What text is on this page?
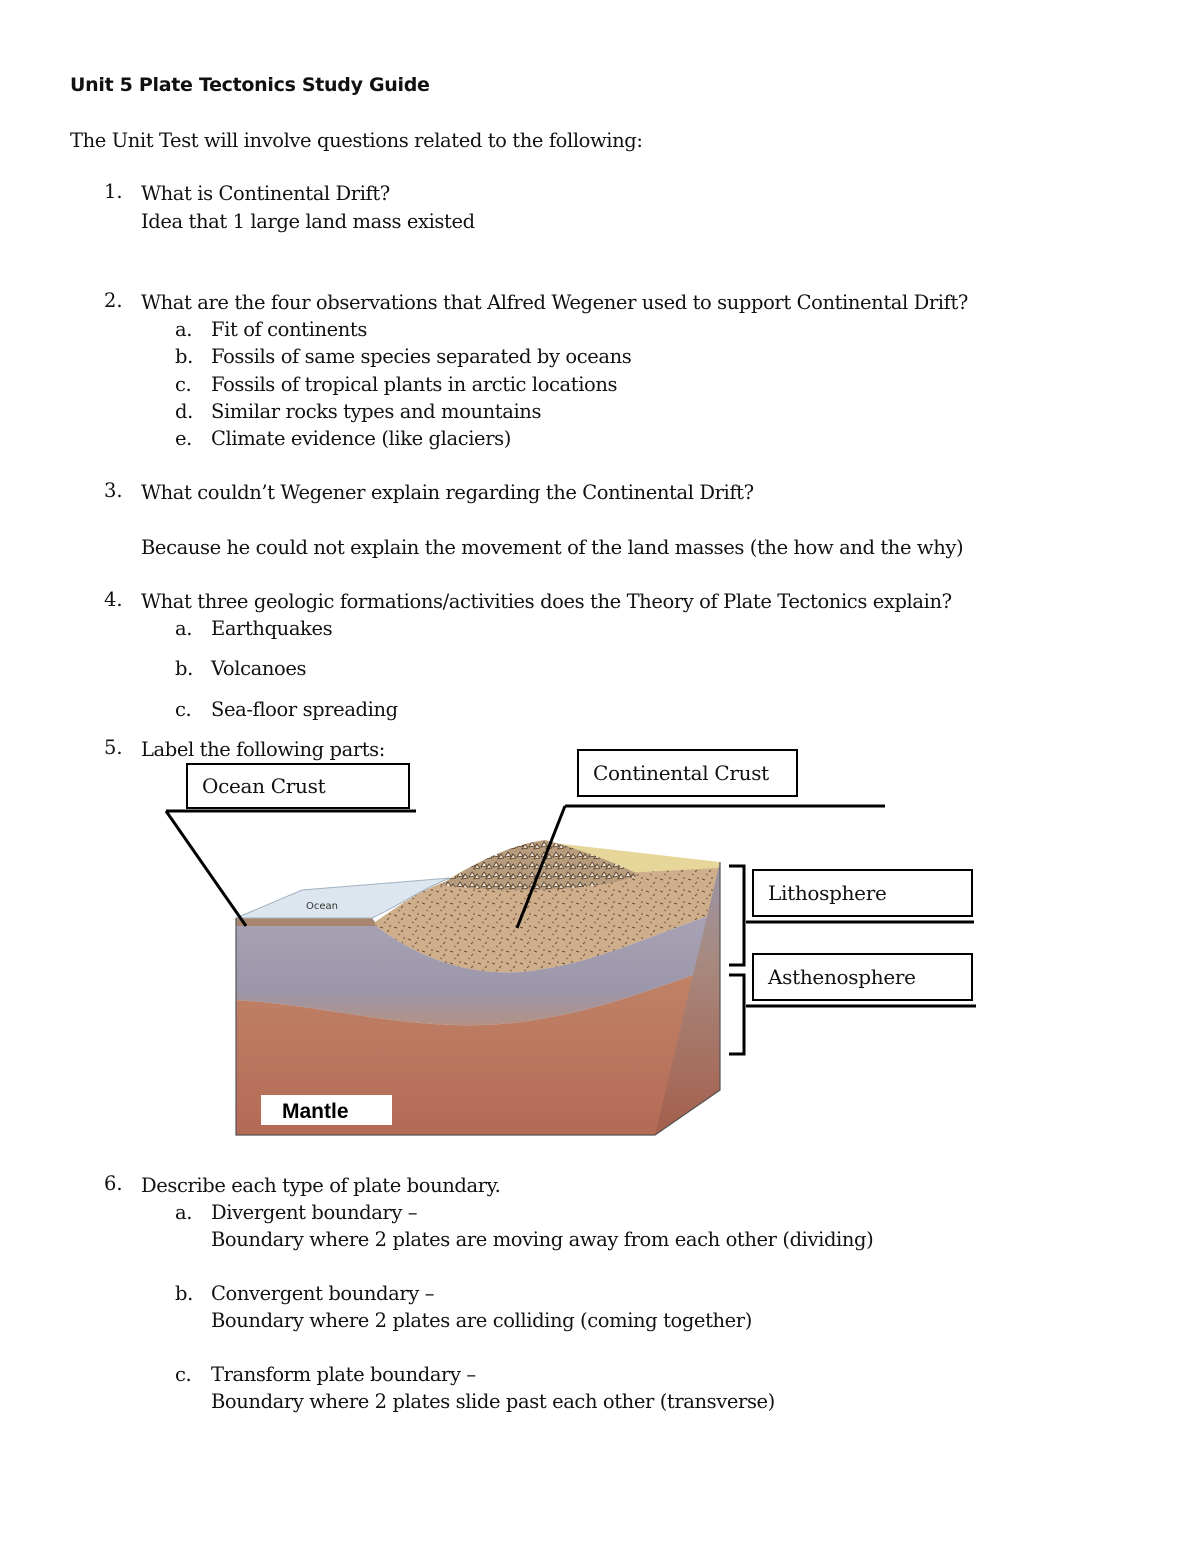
Unit 5 Plate Tectonics Study Guide
The Unit Test will involve questions related to the following:
1. What is Continental Drift?
Idea that 1 large land mass existed
2. What are the four observations that Alfred Wegener used to support Continental Drift?
a. Fit of continents
b. Fossils of same species separated by oceans
c. Fossils of tropical plants in arctic locations
d. Similar rocks types and mountains
e. Climate evidence (like glaciers)
3. What couldn’t Wegener explain regarding the Continental Drift?
Because he could not explain the movement of the land masses (the how and the why)
4. What three geologic formations/activities does the Theory of Plate Tectonics explain?
a. Earthquakes
b. Volcanoes
c. Sea-floor spreading
5. Label the following parts:
Ocean
Mantle
Ocean Crust
Continental Crust
Lithosphere
Asthenosphere
6. Describe each type of plate boundary.
a. Divergent boundary –
Boundary where 2 plates are moving away from each other (dividing)
b. Convergent boundary –
Boundary where 2 plates are colliding (coming together)
c. Transform plate boundary –
Boundary where 2 plates slide past each other (transverse)
